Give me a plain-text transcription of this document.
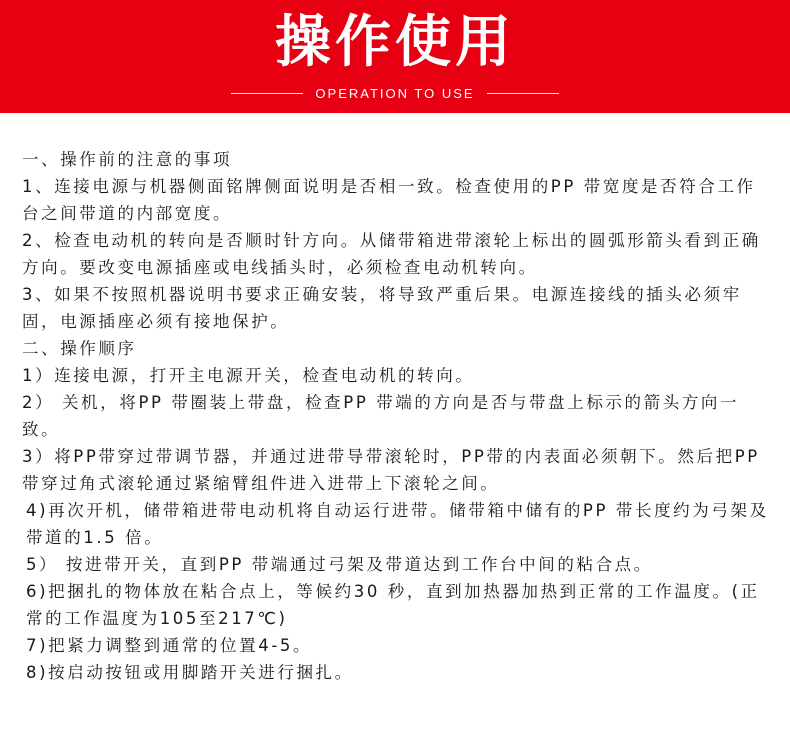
操作使用
OPERATION TO USE

一、操作前的注意的事项

1、连接电源与机器侧面铭牌侧面说明是否相一致。检查使用的PP 带宽度是否符合工作台之间带道的内部宽度。

2、检查电动机的转向是否顺时针方向。从储带箱进带滚轮上标出的圆弧形箭头看到正确方向。要改变电源插座或电线插头时，必须检查电动机转向。

3、如果不按照机器说明书要求正确安装，将导致严重后果。电源连接线的插头必须牢固，电源插座必须有接地保护。

二、操作顺序

1）连接电源，打开主电源开关，检查电动机的转向。

2） 关机，将PP 带圈装上带盘，检查PP 带端的方向是否与带盘上标示的箭头方向一致。

3）将PP带穿过带调节器，并通过进带导带滚轮时，PP带的内表面必须朝下。然后把PP 带穿过角式滚轮通过紧缩臂组件进入进带上下滚轮之间。

4)再次开机，储带箱进带电动机将自动运行进带。储带箱中储有的PP 带长度约为弓架及带道的1.5 倍。

5） 按进带开关，直到PP 带端通过弓架及带道达到工作台中间的粘合点。

6)把捆扎的物体放在粘合点上，等候约30 秒，直到加热器加热到正常的工作温度。(正常的工作温度为105至217℃)

7)把紧力调整到通常的位置4-5。

8)按启动按钮或用脚踏开关进行捆扎。
